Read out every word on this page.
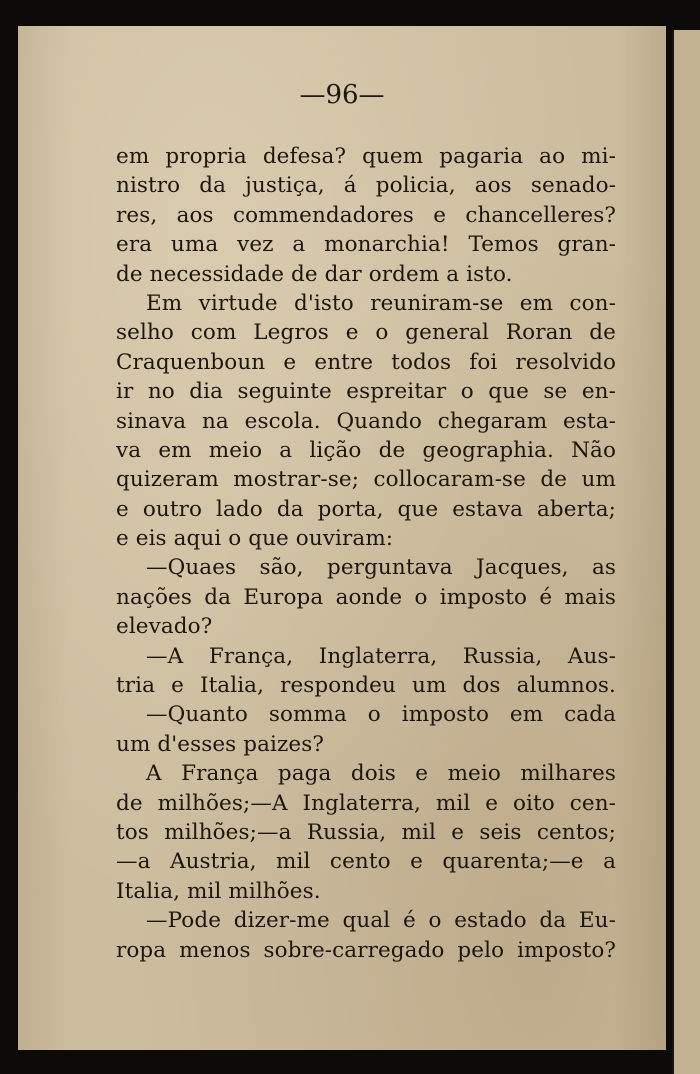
—96—
em propria defesa? quem pagaria ao mi-
nistro da justiça, á policia, aos senado-
res, aos commendadores e chancelleres?
era uma vez a monarchia! Temos gran-
de necessidade de dar ordem a isto.
Em virtude d'isto reuniram-se em con-
selho com Legros e o general Roran de
Craquenboun e entre todos foi resolvido
ir no dia seguinte espreitar o que se en-
sinava na escola. Quando chegaram esta-
va em meio a lição de geographia. Não
quizeram mostrar-se; collocaram-se de um
e outro lado da porta, que estava aberta;
e eis aqui o que ouviram:
—Quaes são, perguntava Jacques, as
nações da Europa aonde o imposto é mais
elevado?
—A França, Inglaterra, Russia, Aus-
tria e Italia, respondeu um dos alumnos.
—Quanto somma o imposto em cada
um d'esses paizes?
A França paga dois e meio milhares
de milhões;—A Inglaterra, mil e oito cen-
tos milhões;—a Russia, mil e seis centos;
—a Austria, mil cento e quarenta;—e a
Italia, mil milhões.
—Pode dizer-me qual é o estado da Eu-
ropa menos sobre-carregado pelo imposto?
